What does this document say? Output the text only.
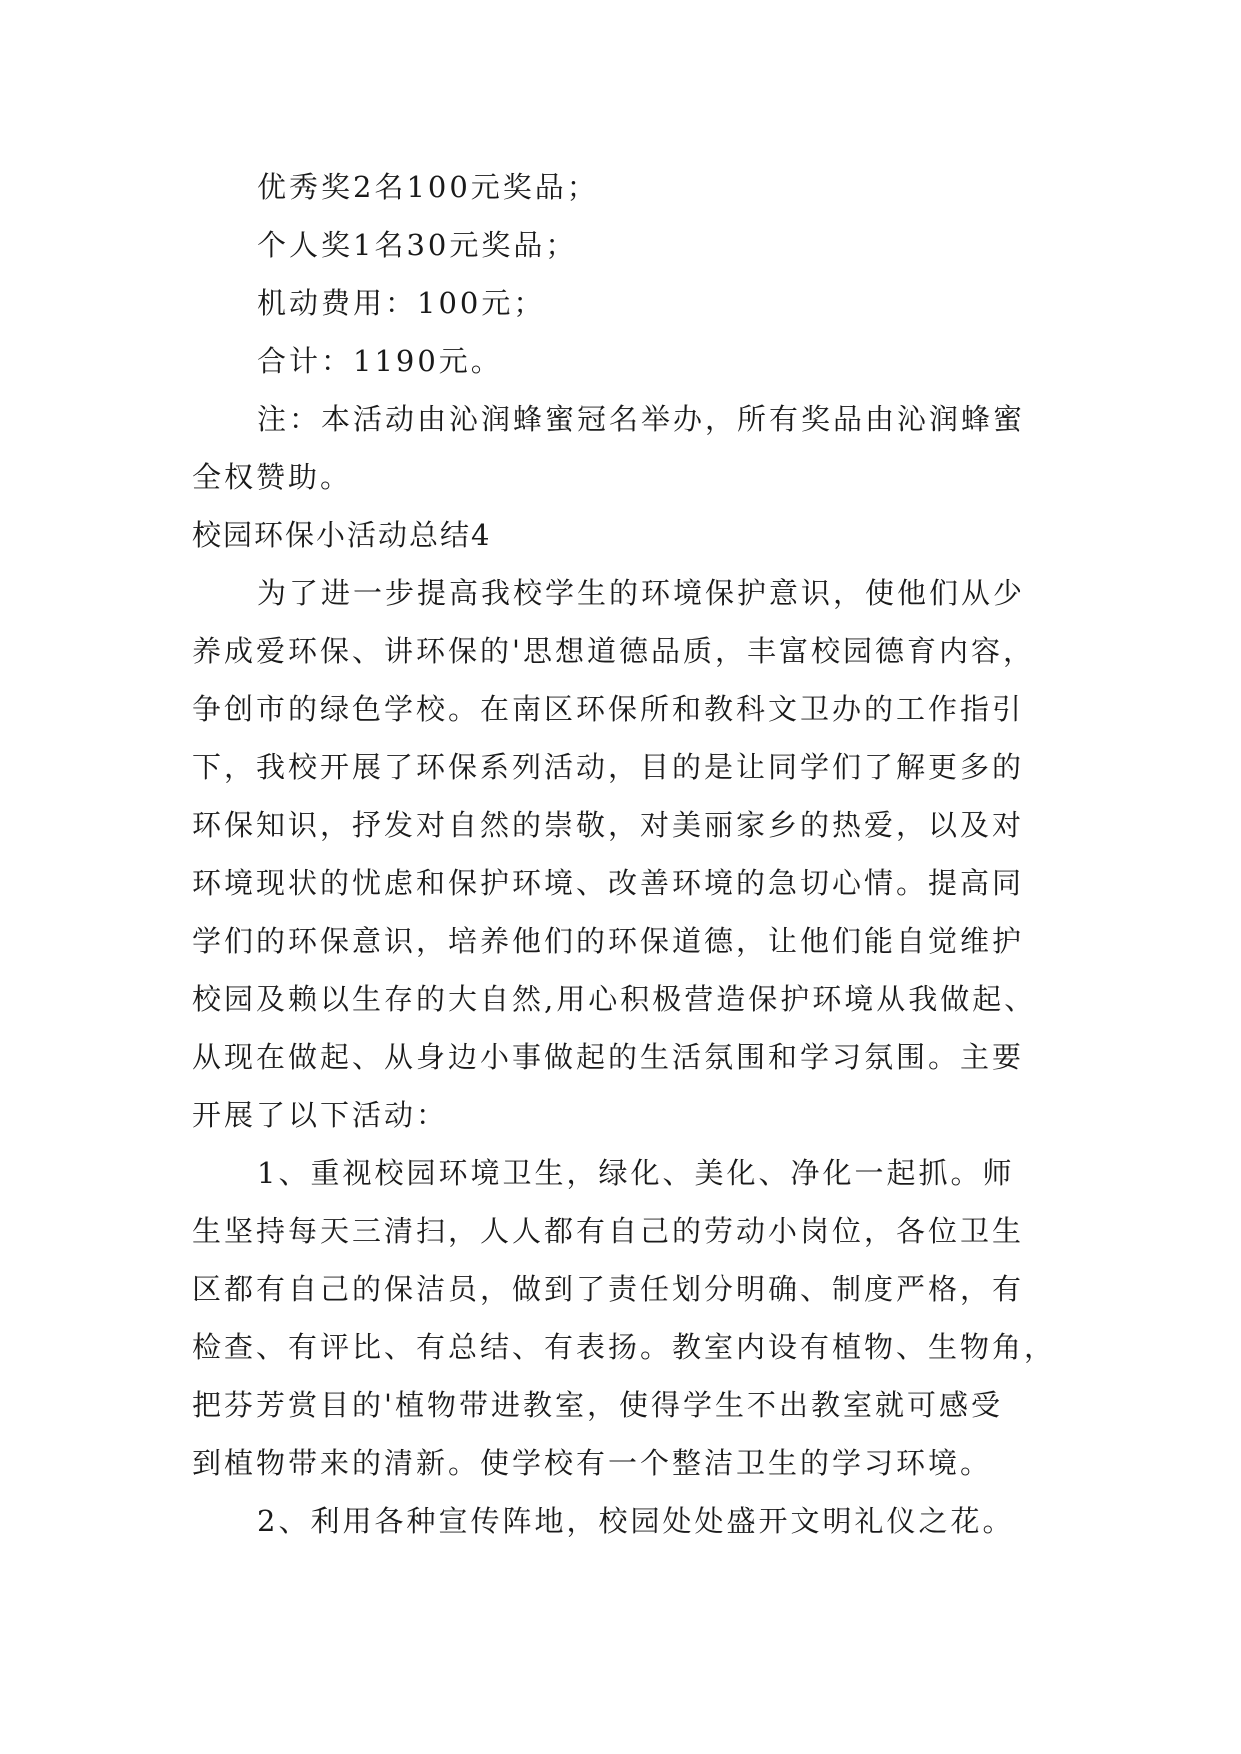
优秀奖2名100元奖品；
个人奖1名30元奖品；
机动费用：100元；
合计：1190元。
注：本活动由沁润蜂蜜冠名举办，所有奖品由沁润蜂蜜
全权赞助。
校园环保小活动总结4
为了进一步提高我校学生的环境保护意识，使他们从少
养成爱环保、讲环保的'思想道德品质，丰富校园德育内容，
争创市的绿色学校。在南区环保所和教科文卫办的工作指引
下，我校开展了环保系列活动，目的是让同学们了解更多的
环保知识，抒发对自然的崇敬，对美丽家乡的热爱，以及对
环境现状的忧虑和保护环境、改善环境的急切心情。提高同
学们的环保意识，培养他们的环保道德，让他们能自觉维护
校园及赖以生存的大自然,用心积极营造保护环境从我做起、
从现在做起、从身边小事做起的生活氛围和学习氛围。主要
开展了以下活动：
1、重视校园环境卫生，绿化、美化、净化一起抓。师
生坚持每天三清扫，人人都有自己的劳动小岗位，各位卫生
区都有自己的保洁员，做到了责任划分明确、制度严格，有
检查、有评比、有总结、有表扬。教室内设有植物、生物角，
把芬芳赏目的'植物带进教室，使得学生不出教室就可感受
到植物带来的清新。使学校有一个整洁卫生的学习环境。
2、利用各种宣传阵地，校园处处盛开文明礼仪之花。
